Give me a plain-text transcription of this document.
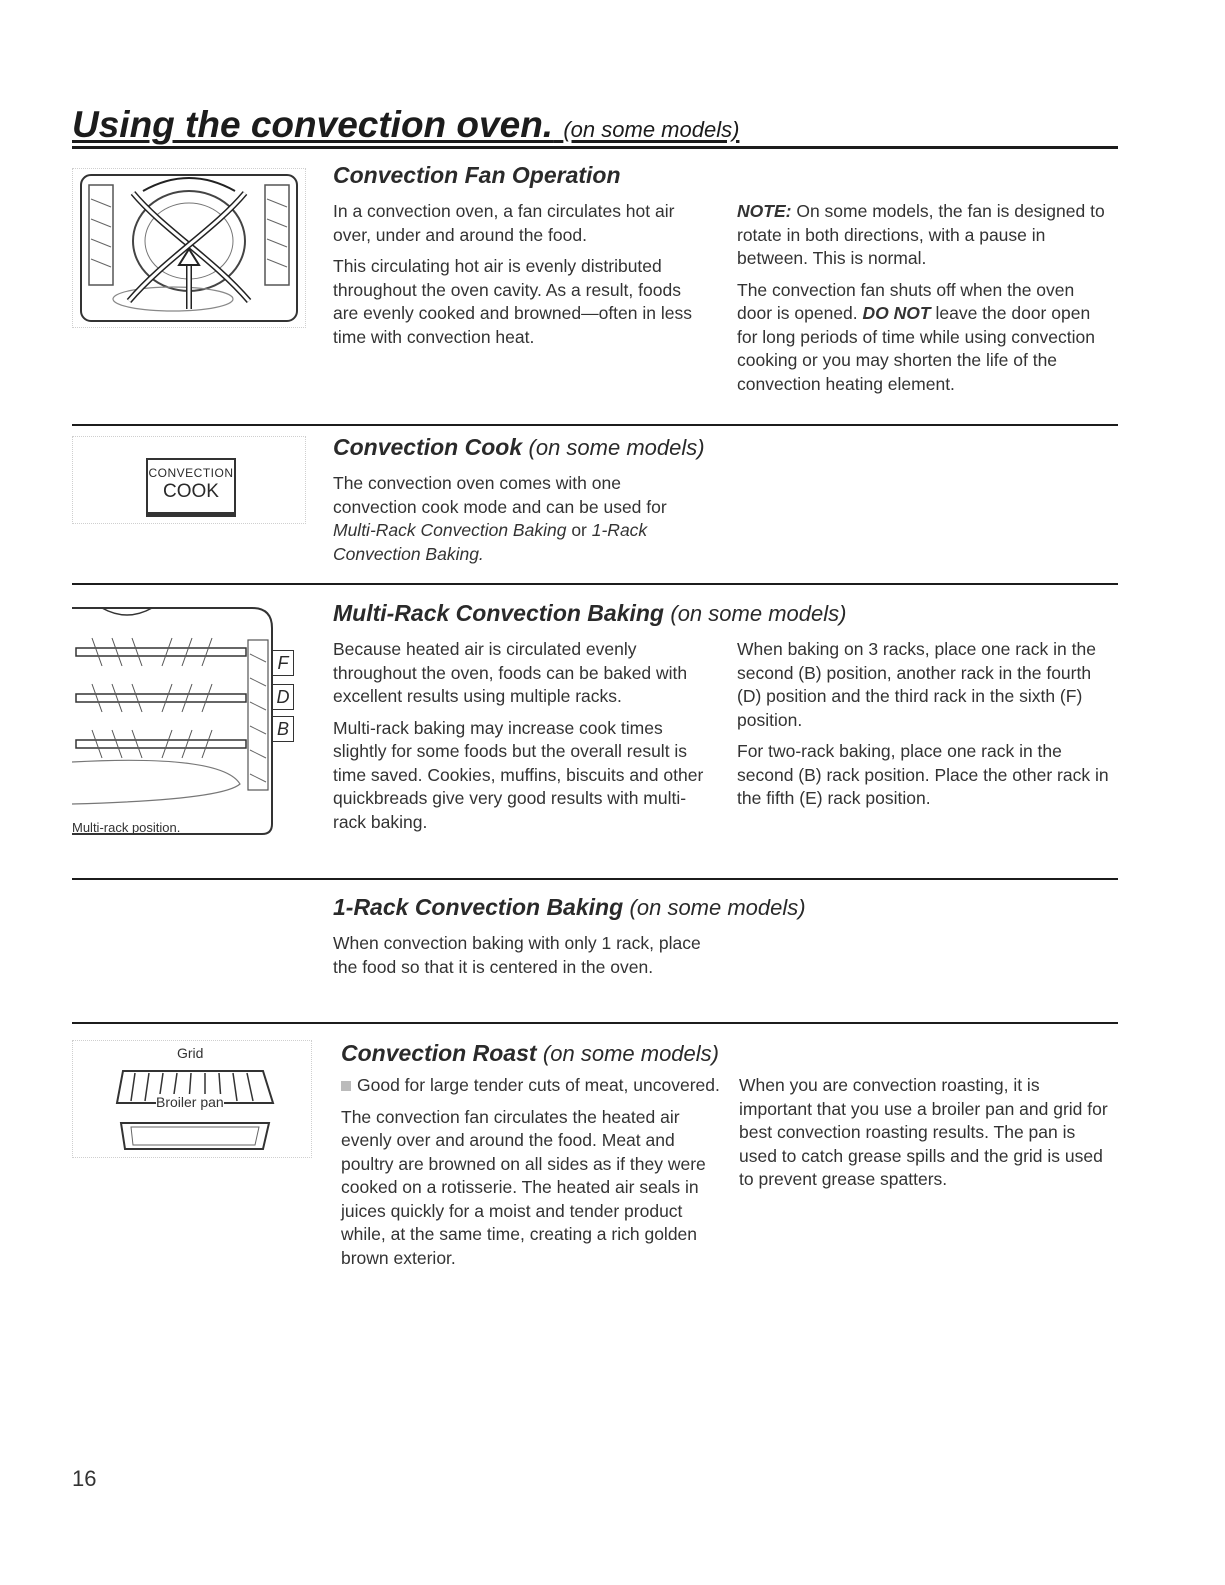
Using the convection oven. (on some models)
Convection Fan Operation

In a convection oven, a fan circulates hot air over, under and around the food.

This circulating hot air is evenly distributed throughout the oven cavity. As a result, foods are evenly cooked and browned—often in less time with convection heat.

NOTE: On some models, the fan is designed to rotate in both directions, with a pause in between. This is normal.

The convection fan shuts off when the oven door is opened. DO NOT leave the door open for long periods of time while using convection cooking or you may shorten the life of the convection heating element.

CONVECTION
COOK
Convection Cook (on some models)
The convection oven comes with one convection cook mode and can be used for Multi-Rack Convection Baking or 1-Rack Convection Baking.
F
D
B
Multi-rack position.
Multi-Rack Convection Baking (on some models)

Because heated air is circulated evenly throughout the oven, foods can be baked with excellent results using multiple racks.

Multi-rack baking may increase cook times slightly for some foods but the overall result is time saved. Cookies, muffins, biscuits and other quickbreads give very good results with multi-rack baking.

When baking on 3 racks, place one rack in the second (B) position, another rack in the fourth (D) position and the third rack in the sixth (F) position.

For two-rack baking, place one rack in the second (B) rack position. Place the other rack in the fifth (E) rack position.

1-Rack Convection Baking (on some models)
When convection baking with only 1 rack, place the food so that it is centered in the oven.
Grid
Broiler pan
Convection Roast (on some models)

Good for large tender cuts of meat, uncovered.

The convection fan circulates the heated air evenly over and around the food. Meat and poultry are browned on all sides as if they were cooked on a rotisserie. The heated air seals in juices quickly for a moist and tender product while, at the same time, creating a rich golden brown exterior.

When you are convection roasting, it is important that you use a broiler pan and grid for best convection roasting results. The pan is used to catch grease spills and the grid is used to prevent grease spatters.
16
